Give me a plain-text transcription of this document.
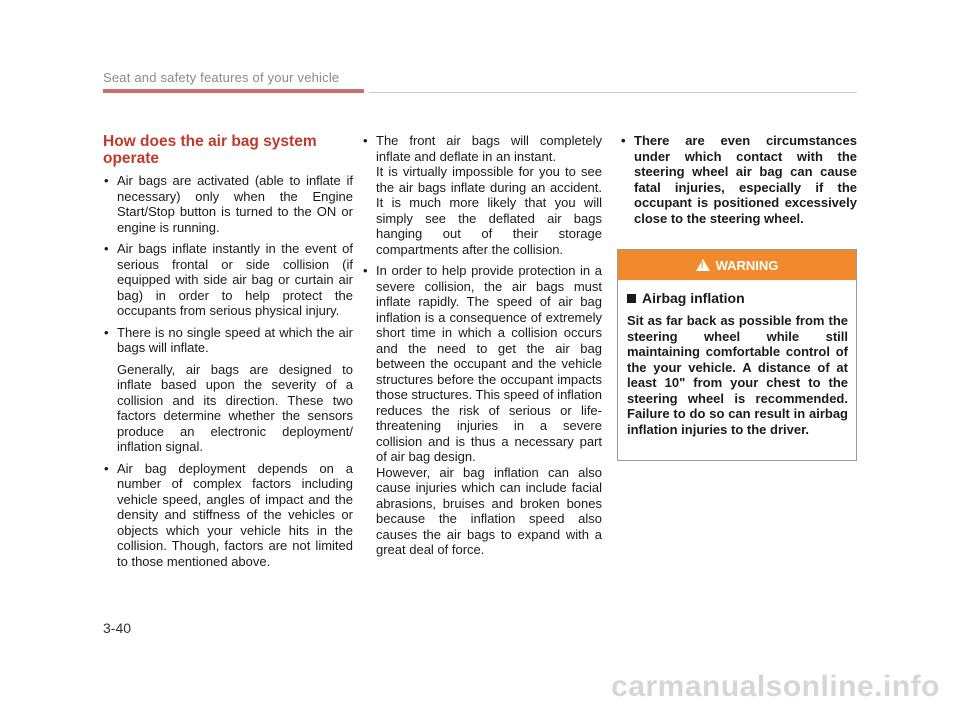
Seat and safety features of your vehicle
How does the air bag system operate
• Air bags are activated (able to inflate if necessary) only when the Engine Start/Stop button is turned to the ON or engine is running.
• Air bags inflate instantly in the event of serious frontal or side collision (if equipped with side air bag or curtain air bag) in order to help protect the occupants from serious physical injury.
• There is no single speed at which the air bags will inflate.
Generally, air bags are designed to inflate based upon the severity of a collision and its direction. These two factors determine whether the sensors produce an electronic deployment/ inflation signal.
• Air bag deployment depends on a number of complex factors including vehicle speed, angles of impact and the density and stiffness of the vehicles or objects which your vehicle hits in the collision. Though, factors are not limited to those mentioned above.
• The front air bags will completely inflate and deflate in an instant.
It is virtually impossible for you to see the air bags inflate during an accident. It is much more likely that you will simply see the deflated air bags hanging out of their storage compartments after the collision.
• In order to help provide protection in a severe collision, the air bags must inflate rapidly. The speed of air bag inflation is a consequence of extremely short time in which a collision occurs and the need to get the air bag between the occupant and the vehicle structures before the occupant impacts those structures. This speed of inflation reduces the risk of serious or life-threatening injuries in a severe collision and is thus a necessary part of air bag design.
However, air bag inflation can also cause injuries which can include facial abrasions, bruises and broken bones because the inflation speed also causes the air bags to expand with a great deal of force.
• There are even circumstances under which contact with the steering wheel air bag can cause fatal injuries, especially if the occupant is positioned excessively close to the steering wheel.
!
WARNING
Airbag inflation
Sit as far back as possible from the steering wheel while still maintaining comfortable control of the your vehicle. A distance of at least 10" from your chest to the steering wheel is recommended. Failure to do so can result in airbag inflation injuries to the driver.
3-40
carmanualsonline.info
